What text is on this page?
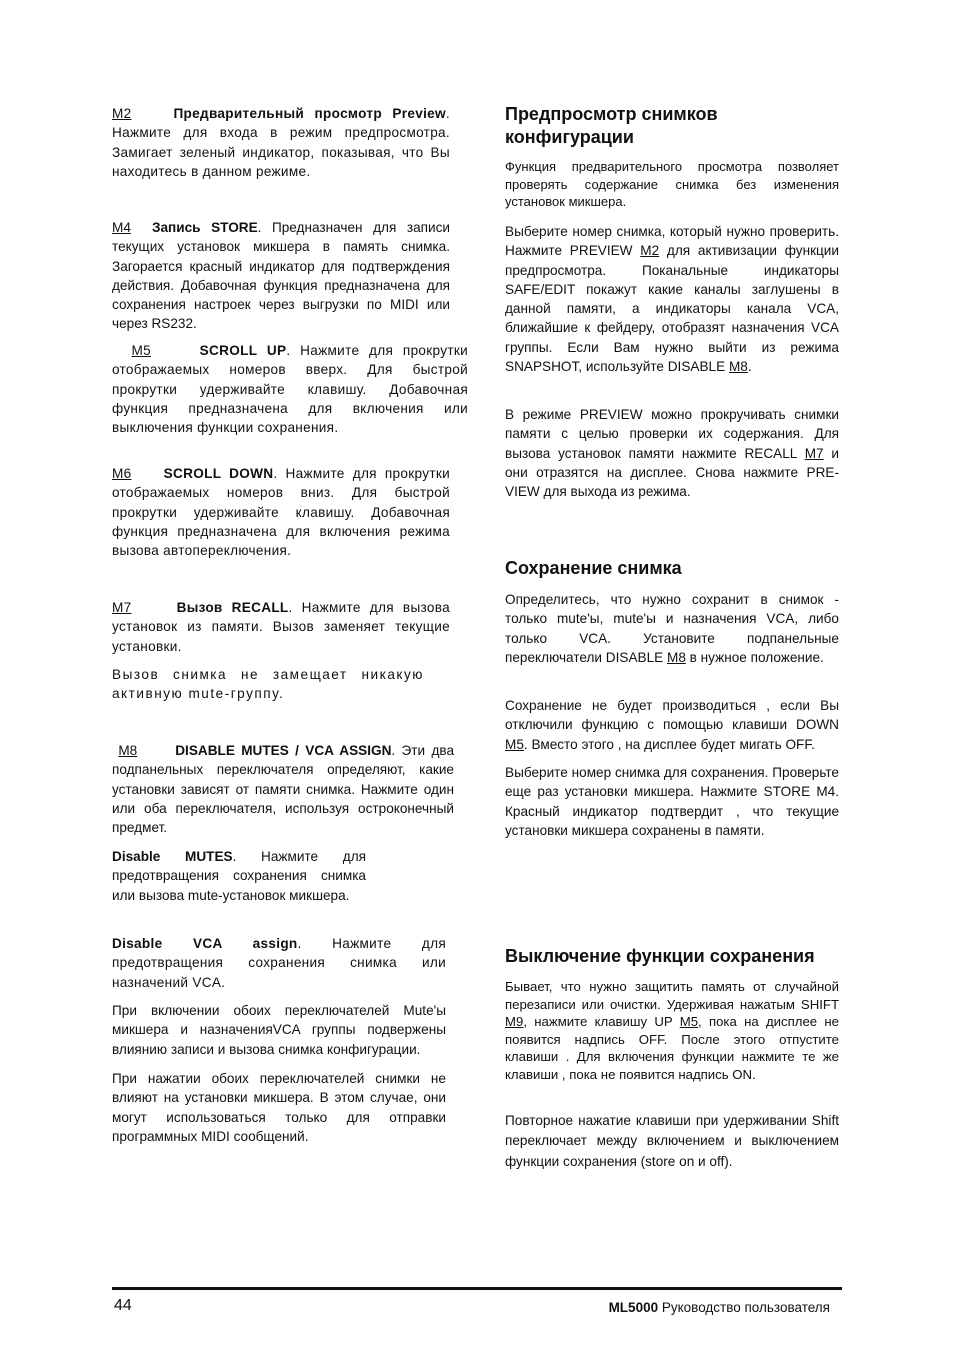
M2	Предварительный просмотр Preview. Нажмите для входа в режим предпросмотра. Замигает зеленый индикатор, показывая, что Вы находитесь в данном режиме.
M4 Запись STORE. Предназначен для записи текущих установок микшера в память снимка. Загорается красный индикатор для подтверждения действия. Добавочная функция предназначена для сохранения настроек через выгрузки по MIDI или через RS232.
M5	SCROLL UP. Нажмите для прокрутки отображаемых номеров вверх. Для быстрой прокрутки удерживайте клавишу. Добавочная функция предназначена для включения или выключения функции сохранения.
M6 SCROLL DOWN. Нажмите для прокрутки отображаемых номеров вниз. Для быстрой прокрутки удерживайте клавишу. Добавочная функция предназначена для включения режима вызова автопереключения.
M7	Вызов RECALL. Нажмите для вызова установок из памяти. Вызов заменяет текущие установки.
Вызов снимка не замещает никакую активную mute-группу.
M8	DISABLE MUTES / VCA ASSIGN. Эти два подпанельных переключателя определяют, какие установки зависят от памяти снимка. Нажмите один или оба переключателя, используя остроконечный предмет.
Disable MUTES. Нажмите для предотвращения сохранения снимка или вызова mute-установок микшера.
Disable VCA assign. Нажмите для предотвращения сохранения снимка или назначений VCA.
При включении обоих переключателей Mute'ы микшера и назначенияVCA группы подвержены влиянию записи и вызова снимка конфигурации.
При нажатии обоих переключателей снимки не влияют на установки микшера. В этом случае, они могут использоваться только для отправки программных MIDI сообщений.
Предпросмотр снимков конфигурации
Функция предварительного просмотра позволяет проверять содержание снимка без изменения установок микшера.
Выберите номер снимка, который нужно проверить. Нажмите PREVIEW M2 для активизации функции предпросмотра. Поканальные индикаторы SAFE/EDIT покажут какие каналы заглушены в данной памяти, а индикаторы канала VCA, ближайшие к фейдеру, отобразят назначения VCA группы. Если Вам нужно выйти из режима SNAPSHOT, используйте DISABLE M8.
В режиме PREVIEW можно прокручивать снимки памяти с целью проверки их содержания. Для вызова установок памяти нажмите RECALL M7 и они отразятся на дисплее. Снова нажмите PRE-VIEW для выхода из режима.
Сохранение снимка
Определитесь, что нужно сохранит в снимок - только mute'ы, mute'ы и назначения VCA, либо только VCA. Установите подпанельные переключатели DISABLE M8 в нужное положение.
Сохранение не будет производиться , если Вы отключили функцию с помощью клавиши DOWN M5. Вместо этого , на дисплее будет мигать OFF.
Выберите номер снимка для сохранения. Проверьте еще раз установки микшера. Нажмите STORE M4. Красный индикатор подтвердит , что текущие установки микшера сохранены в памяти.
Выключение функции сохранения
Бывает, что нужно защитить память от случайной перезаписи или очистки. Удерживая нажатым SHIFT M9, нажмите клавишу UP M5, пока на дисплее не появится надпись OFF. После этого отпустите клавиши . Для включения функции нажмите те же клавиши , пока не появится надпись ON.
Повторное нажатие клавиши при удерживании Shift переключает между включением и выключением функции сохранения (store on и off).
44	ML5000 Руководство пользователя
